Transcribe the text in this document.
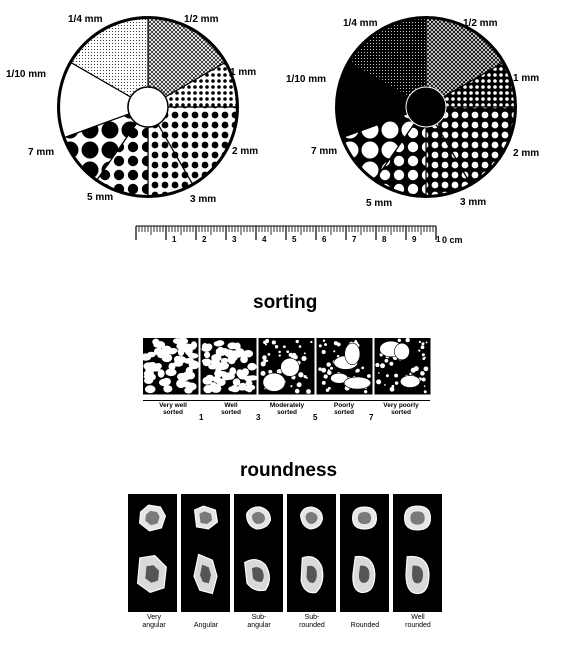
1/4 mm	1/2 mm
1 mm
2 mm
3 mm
5 mm
7 mm
1/10 mm
1/4 mm	1/2 mm
1 mm
2 mm
3 mm
5 mm
7 mm
1/10 mm
1	2	3	4	5	6	7	8	9 1 0 cm
sorting
Very well
sorted
Well
sorted
Moderately
sorted
Poorly
sorted
Very poorly
sorted
1	3	5	7
roundness
Very
angular	Angular
Sub-
angular
Sub-
rounded	Rounded
Well
rounded
